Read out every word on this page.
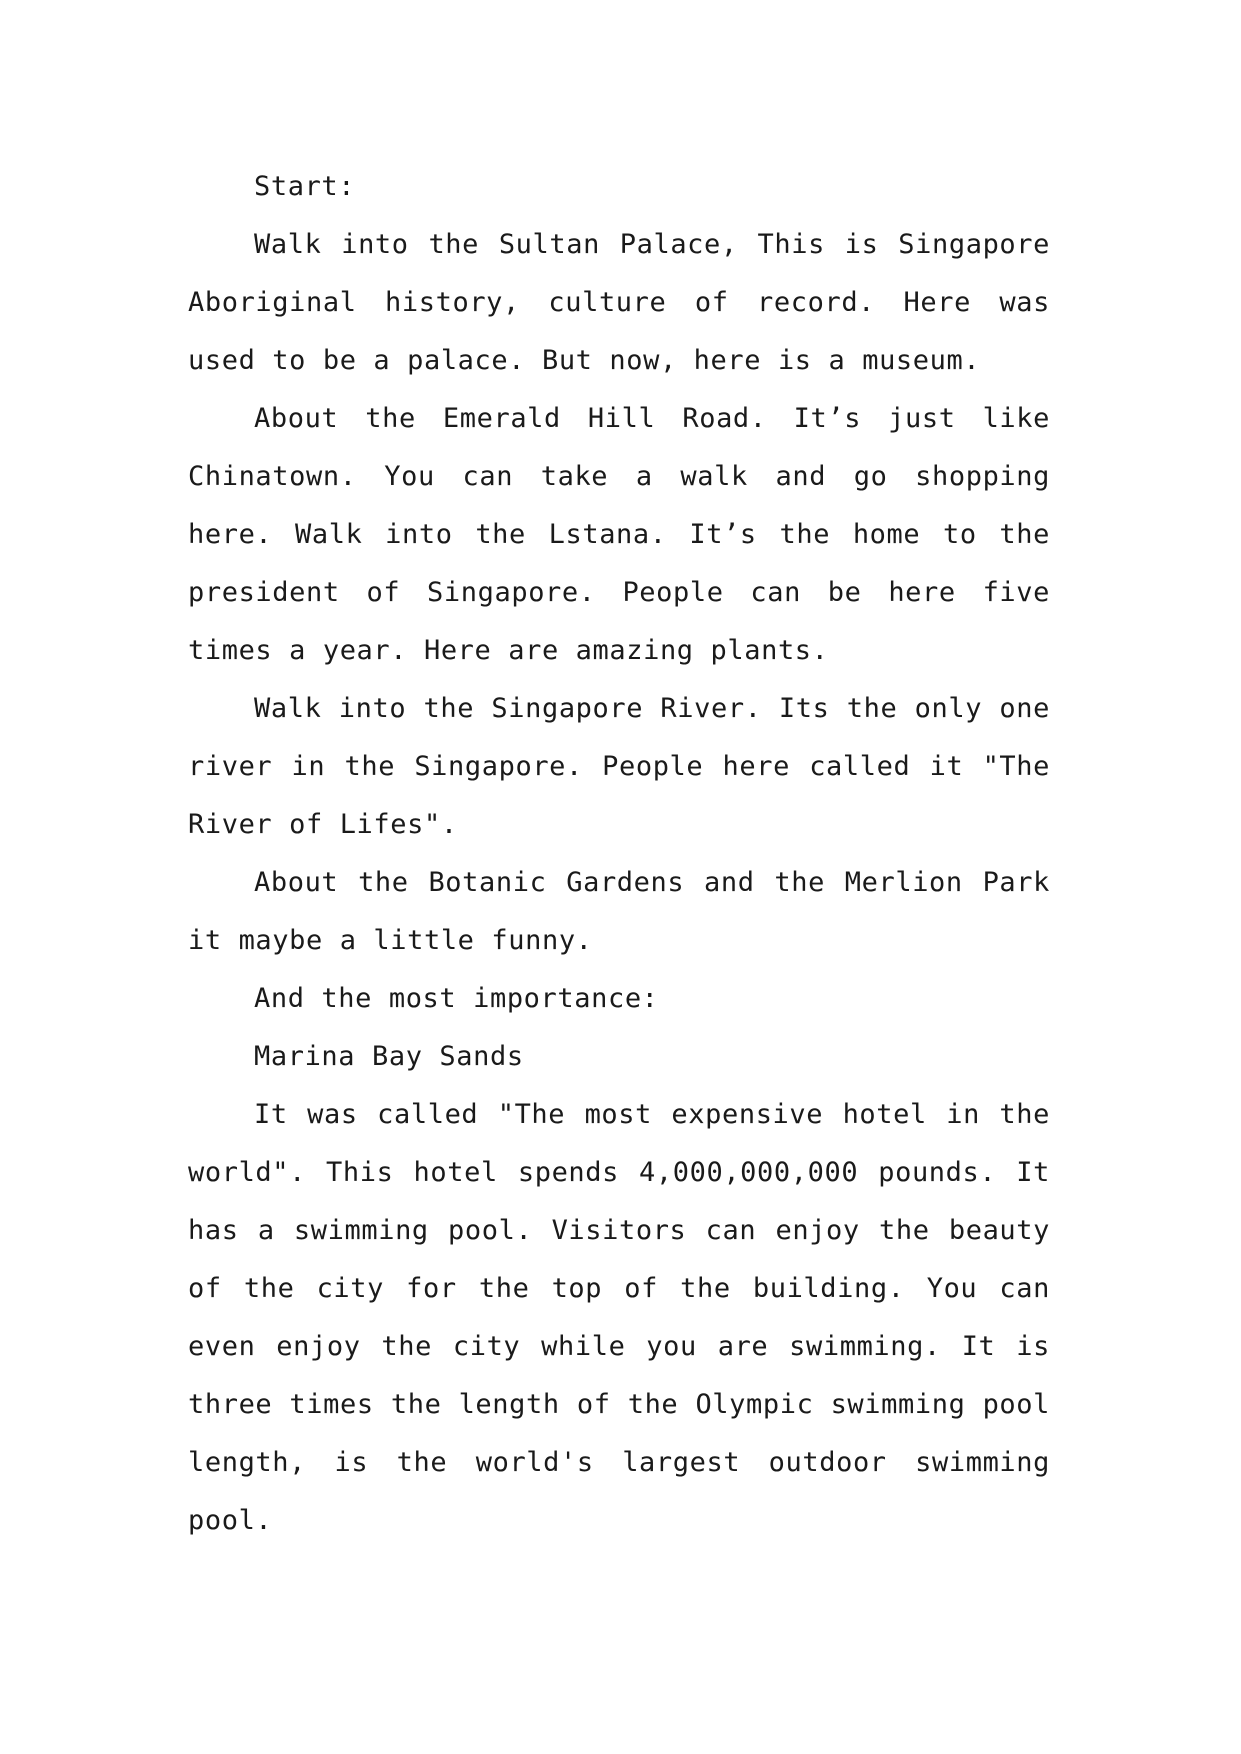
Start:

Walk into the Sultan Palace, This is Singapore Aboriginal history, culture of record. Here was used to be a palace. But now, here is a museum.

About the Emerald Hill Road. It’s just like Chinatown. You can take a walk and go shopping here. Walk into the Lstana. It’s the home to the president of Singapore. People can be here five times a year. Here are amazing plants.

Walk into the Singapore River. Its the only one river in the Singapore. People here called it "The River of Lifes".

About the Botanic Gardens and the Merlion Park it maybe a little funny.

And the most importance:

Marina Bay Sands

It was called "The most expensive hotel in the world". This hotel spends 4,000,000,000 pounds. It has a swimming pool. Visitors can enjoy the beauty of the city for the top of the building. You can even enjoy the city while you are swimming. It is three times the length of the Olympic swimming pool length, is the world's largest outdoor swimming pool.
